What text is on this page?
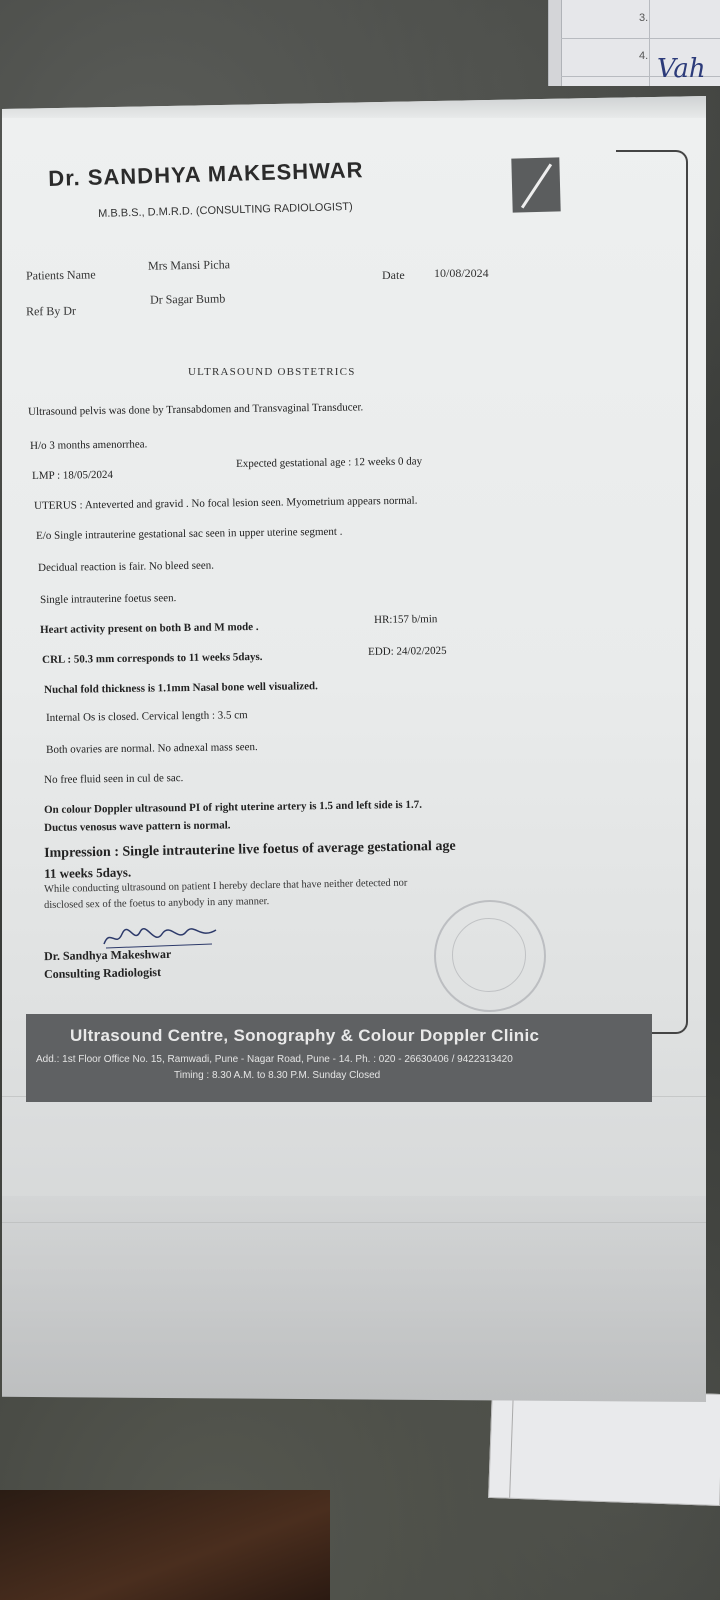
3.
4. Vah
Dr. SANDHYA MAKESHWAR
M.B.B.S., D.M.R.D. (CONSULTING RADIOLOGIST)
Patients Name
Mrs Mansi Picha
Date 10/08/2024
Ref By Dr
Dr Sagar Bumb
ULTRASOUND OBSTETRICS
Ultrasound pelvis was done by Transabdomen and Transvaginal Transducer.
H/o 3 months amenorrhea.
LMP : 18/05/2024
Expected gestational age : 12 weeks 0 day
UTERUS : Anteverted and gravid . No focal lesion seen. Myometrium appears normal.
E/o Single intrauterine gestational sac seen in upper uterine segment .
Decidual reaction is fair. No bleed seen.
Single intrauterine foetus seen.
Heart activity present on both B and M mode .
HR:157 b/min
CRL : 50.3 mm corresponds to 11 weeks 5days.	EDD: 24/02/2025
Nuchal fold thickness is 1.1mm Nasal bone well visualized.
Internal Os is closed. Cervical length : 3.5 cm
Both ovaries are normal. No adnexal mass seen.
No free fluid seen in cul de sac.
On colour Doppler ultrasound PI of right uterine artery is 1.5 and left side is 1.7.
Ductus venosus wave pattern is normal.
Impression : Single intrauterine live foetus of average gestational age
11 weeks 5days.
While conducting ultrasound on patient I hereby declare that have neither detected nor
disclosed sex of the foetus to anybody in any manner.
Dr. Sandhya Makeshwar
Consulting Radiologist
Ultrasound Centre, Sonography & Colour Doppler Clinic
Add.: 1st Floor Office No. 15, Ramwadi, Pune - Nagar Road, Pune - 14. Ph. : 020 - 26630406 / 9422313420
Timing : 8.30 A.M. to 8.30 P.M. Sunday Closed
